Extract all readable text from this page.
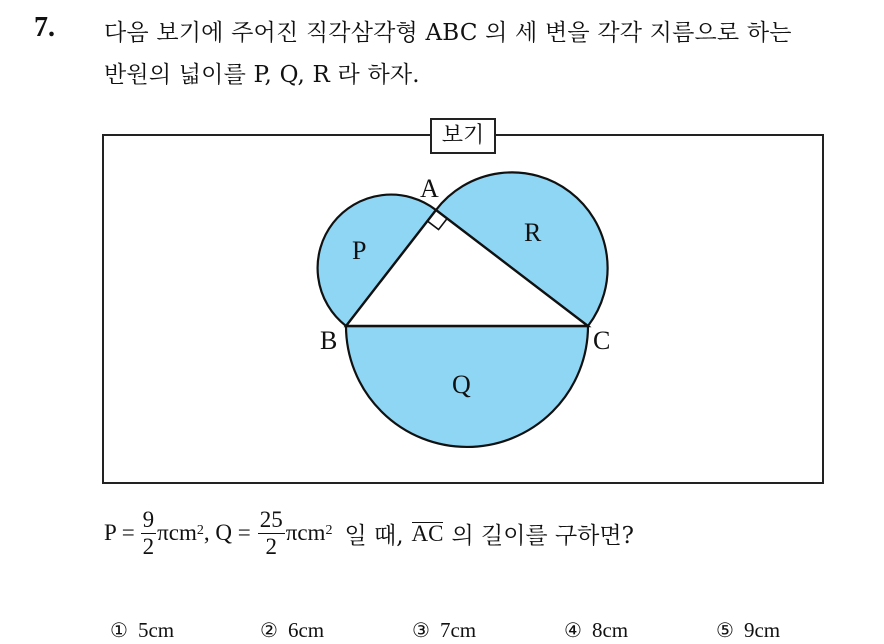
7. 다음 보기에 주어진 직각삼각형 ABC 의 세 변을 각각 지름으로 하는
반원의 넓이를 P, Q, R 라 하자.
보기
A
B	C
P
Q
R
$P = \frac{9}{2} \pi cm^2$ , $Q = \frac{25}{2} \pi cm^2$ 일 때, AC 의 길이를 구하면?
① 5cm	② 6cm	③ 7cm	④ 8cm	⑤ 9cm
